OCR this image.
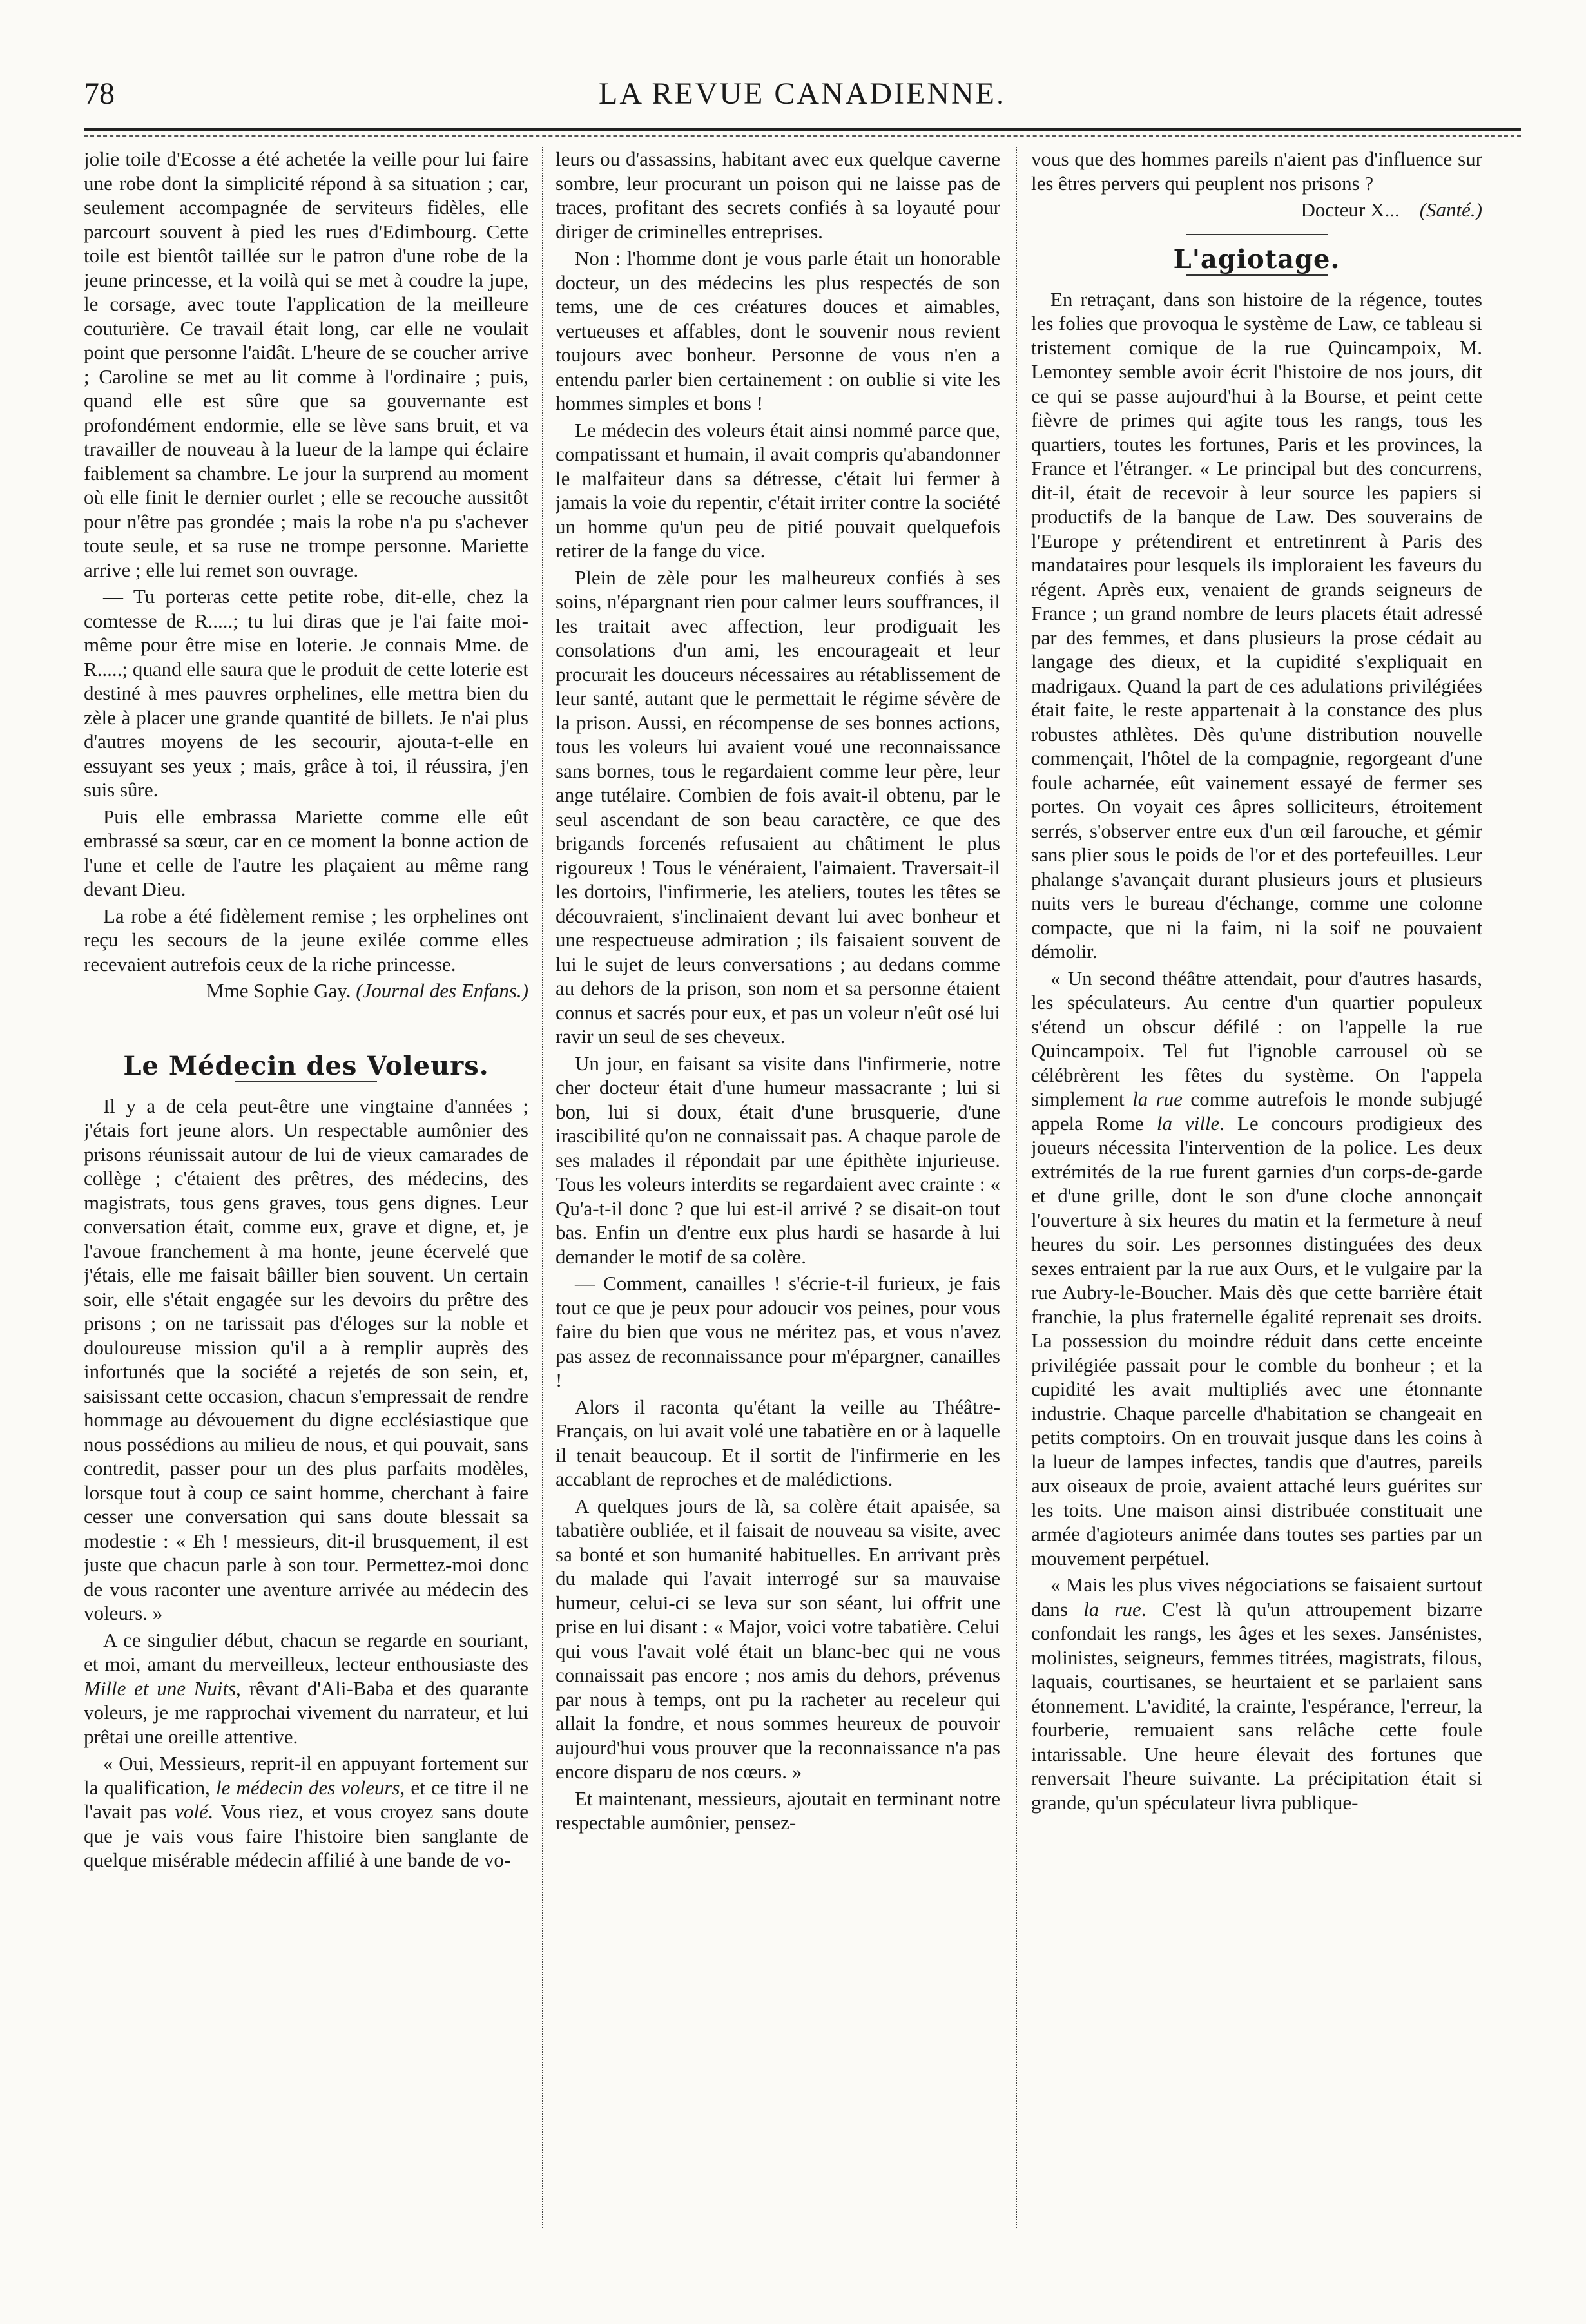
78	LA REVUE CANADIENNE.

jolie toile d'Ecosse a été achetée la veille pour lui faire une robe dont la simplicité répond à sa situation ; car, seulement accompagnée de serviteurs fidèles, elle parcourt souvent à pied les rues d'Edimbourg. Cette toile est bientôt taillée sur le patron d'une robe de la jeune princesse, et la voilà qui se met à coudre la jupe, le corsage, avec toute l'application de la meilleure couturière. Ce travail était long, car elle ne voulait point que personne l'aidât. L'heure de se coucher arrive ; Caroline se met au lit comme à l'ordinaire ; puis, quand elle est sûre que sa gouvernante est profondément endormie, elle se lève sans bruit, et va travailler de nouveau à la lueur de la lampe qui éclaire faiblement sa chambre. Le jour la surprend au moment où elle finit le dernier ourlet ; elle se recouche aussitôt pour n'être pas grondée ; mais la robe n'a pu s'achever toute seule, et sa ruse ne trompe personne. Mariette arrive ; elle lui remet son ouvrage.

— Tu porteras cette petite robe, dit-elle, chez la comtesse de R.....; tu lui diras que je l'ai faite moi-même pour être mise en loterie. Je connais Mme. de R.....; quand elle saura que le produit de cette loterie est destiné à mes pauvres orphelines, elle mettra bien du zèle à placer une grande quantité de billets. Je n'ai plus d'autres moyens de les secourir, ajouta-t-elle en essuyant ses yeux ; mais, grâce à toi, il réussira, j'en suis sûre.

Puis elle embrassa Mariette comme elle eût embrassé sa sœur, car en ce moment la bonne action de l'une et celle de l'autre les plaçaient au même rang devant Dieu.

La robe a été fidèlement remise ; les orphelines ont reçu les secours de la jeune exilée comme elles recevaient autrefois ceux de la riche princesse.

Mme Sophie Gay. (Journal des Enfans.)

Le Médecin des Voleurs.

Il y a de cela peut-être une vingtaine d'années ; j'étais fort jeune alors. Un respectable aumônier des prisons réunissait autour de lui de vieux camarades de collège ; c'étaient des prêtres, des médecins, des magistrats, tous gens graves, tous gens dignes. Leur conversation était, comme eux, grave et digne, et, je l'avoue franchement à ma honte, jeune écervelé que j'étais, elle me faisait bâiller bien souvent. Un certain soir, elle s'était engagée sur les devoirs du prêtre des prisons ; on ne tarissait pas d'éloges sur la noble et douloureuse mission qu'il a à remplir auprès des infortunés que la société a rejetés de son sein, et, saisissant cette occasion, chacun s'empressait de rendre hommage au dévouement du digne ecclésiastique que nous possédions au milieu de nous, et qui pouvait, sans contredit, passer pour un des plus parfaits modèles, lorsque tout à coup ce saint homme, cherchant à faire cesser une conversation qui sans doute blessait sa modestie : « Eh ! messieurs, dit-il brusquement, il est juste que chacun parle à son tour. Permettez-moi donc de vous raconter une aventure arrivée au médecin des voleurs. »

A ce singulier début, chacun se regarde en souriant, et moi, amant du merveilleux, lecteur enthousiaste des Mille et une Nuits, rêvant d'Ali-Baba et des quarante voleurs, je me rapprochai vivement du narrateur, et lui prêtai une oreille attentive.

« Oui, Messieurs, reprit-il en appuyant fortement sur la qualification, le médecin des voleurs, et ce titre il ne l'avait pas volé. Vous riez, et vous croyez sans doute que je vais vous faire l'histoire bien sanglante de quelque misérable médecin affilié à une bande de vo-

leurs ou d'assassins, habitant avec eux quelque caverne sombre, leur procurant un poison qui ne laisse pas de traces, profitant des secrets confiés à sa loyauté pour diriger de criminelles entreprises.

Non : l'homme dont je vous parle était un honorable docteur, un des médecins les plus respectés de son tems, une de ces créatures douces et aimables, vertueuses et affables, dont le souvenir nous revient toujours avec bonheur. Personne de vous n'en a entendu parler bien certainement : on oublie si vite les hommes simples et bons !

Le médecin des voleurs était ainsi nommé parce que, compatissant et humain, il avait compris qu'abandonner le malfaiteur dans sa détresse, c'était lui fermer à jamais la voie du repentir, c'était irriter contre la société un homme qu'un peu de pitié pouvait quelquefois retirer de la fange du vice.

Plein de zèle pour les malheureux confiés à ses soins, n'épargnant rien pour calmer leurs souffrances, il les traitait avec affection, leur prodiguait les consolations d'un ami, les encourageait et leur procurait les douceurs nécessaires au rétablissement de leur santé, autant que le permettait le régime sévère de la prison. Aussi, en récompense de ses bonnes actions, tous les voleurs lui avaient voué une reconnaissance sans bornes, tous le regardaient comme leur père, leur ange tutélaire. Combien de fois avait-il obtenu, par le seul ascendant de son beau caractère, ce que des brigands forcenés refusaient au châtiment le plus rigoureux ! Tous le vénéraient, l'aimaient. Traversait-il les dortoirs, l'infirmerie, les ateliers, toutes les têtes se découvraient, s'inclinaient devant lui avec bonheur et une respectueuse admiration ; ils faisaient souvent de lui le sujet de leurs conversations ; au dedans comme au dehors de la prison, son nom et sa personne étaient connus et sacrés pour eux, et pas un voleur n'eût osé lui ravir un seul de ses cheveux.

Un jour, en faisant sa visite dans l'infirmerie, notre cher docteur était d'une humeur massacrante ; lui si bon, lui si doux, était d'une brusquerie, d'une irascibilité qu'on ne connaissait pas. A chaque parole de ses malades il répondait par une épithète injurieuse. Tous les voleurs interdits se regardaient avec crainte : « Qu'a-t-il donc ? que lui est-il arrivé ? se disait-on tout bas. Enfin un d'entre eux plus hardi se hasarde à lui demander le motif de sa colère.

— Comment, canailles ! s'écrie-t-il furieux, je fais tout ce que je peux pour adoucir vos peines, pour vous faire du bien que vous ne méritez pas, et vous n'avez pas assez de reconnaissance pour m'épargner, canailles !

Alors il raconta qu'étant la veille au Théâtre-Français, on lui avait volé une tabatière en or à laquelle il tenait beaucoup. Et il sortit de l'infirmerie en les accablant de reproches et de malédictions.

A quelques jours de là, sa colère était apaisée, sa tabatière oubliée, et il faisait de nouveau sa visite, avec sa bonté et son humanité habituelles. En arrivant près du malade qui l'avait interrogé sur sa mauvaise humeur, celui-ci se leva sur son séant, lui offrit une prise en lui disant : « Major, voici votre tabatière. Celui qui vous l'avait volé était un blanc-bec qui ne vous connaissait pas encore ; nos amis du dehors, prévenus par nous à temps, ont pu la racheter au receleur qui allait la fondre, et nous sommes heureux de pouvoir aujourd'hui vous prouver que la reconnaissance n'a pas encore disparu de nos cœurs. »

Et maintenant, messieurs, ajoutait en terminant notre respectable aumônier, pensez-

vous que des hommes pareils n'aient pas d'influence sur les êtres pervers qui peuplent nos prisons ?

Docteur X... (Santé.)

L'agiotage.

En retraçant, dans son histoire de la régence, toutes les folies que provoqua le système de Law, ce tableau si tristement comique de la rue Quincampoix, M. Lemontey semble avoir écrit l'histoire de nos jours, dit ce qui se passe aujourd'hui à la Bourse, et peint cette fièvre de primes qui agite tous les rangs, tous les quartiers, toutes les fortunes, Paris et les provinces, la France et l'étranger. « Le principal but des concurrens, dit-il, était de recevoir à leur source les papiers si productifs de la banque de Law. Des souverains de l'Europe y prétendirent et entretinrent à Paris des mandataires pour lesquels ils imploraient les faveurs du régent. Après eux, venaient de grands seigneurs de France ; un grand nombre de leurs placets était adressé par des femmes, et dans plusieurs la prose cédait au langage des dieux, et la cupidité s'expliquait en madrigaux. Quand la part de ces adulations privilégiées était faite, le reste appartenait à la constance des plus robustes athlètes. Dès qu'une distribution nouvelle commençait, l'hôtel de la compagnie, regorgeant d'une foule acharnée, eût vainement essayé de fermer ses portes. On voyait ces âpres solliciteurs, étroitement serrés, s'observer entre eux d'un œil farouche, et gémir sans plier sous le poids de l'or et des portefeuilles. Leur phalange s'avançait durant plusieurs jours et plusieurs nuits vers le bureau d'échange, comme une colonne compacte, que ni la faim, ni la soif ne pouvaient démolir.

« Un second théâtre attendait, pour d'autres hasards, les spéculateurs. Au centre d'un quartier populeux s'étend un obscur défilé : on l'appelle la rue Quincampoix. Tel fut l'ignoble carrousel où se célébrèrent les fêtes du système. On l'appela simplement la rue comme autrefois le monde subjugé appela Rome la ville. Le concours prodigieux des joueurs nécessita l'intervention de la police. Les deux extrémités de la rue furent garnies d'un corps-de-garde et d'une grille, dont le son d'une cloche annonçait l'ouverture à six heures du matin et la fermeture à neuf heures du soir. Les personnes distinguées des deux sexes entraient par la rue aux Ours, et le vulgaire par la rue Aubry-le-Boucher. Mais dès que cette barrière était franchie, la plus fraternelle égalité reprenait ses droits. La possession du moindre réduit dans cette enceinte privilégiée passait pour le comble du bonheur ; et la cupidité les avait multipliés avec une étonnante industrie. Chaque parcelle d'habitation se changeait en petits comptoirs. On en trouvait jusque dans les coins à la lueur de lampes infectes, tandis que d'autres, pareils aux oiseaux de proie, avaient attaché leurs guérites sur les toits. Une maison ainsi distribuée constituait une armée d'agioteurs animée dans toutes ses parties par un mouvement perpétuel.

« Mais les plus vives négociations se faisaient surtout dans la rue. C'est là qu'un attroupement bizarre confondait les rangs, les âges et les sexes. Jansénistes, molinistes, seigneurs, femmes titrées, magistrats, filous, laquais, courtisanes, se heurtaient et se parlaient sans étonnement. L'avidité, la crainte, l'espérance, l'erreur, la fourberie, remuaient sans relâche cette foule intarissable. Une heure élevait des fortunes que renversait l'heure suivante. La précipitation était si grande, qu'un spéculateur livra publique-
